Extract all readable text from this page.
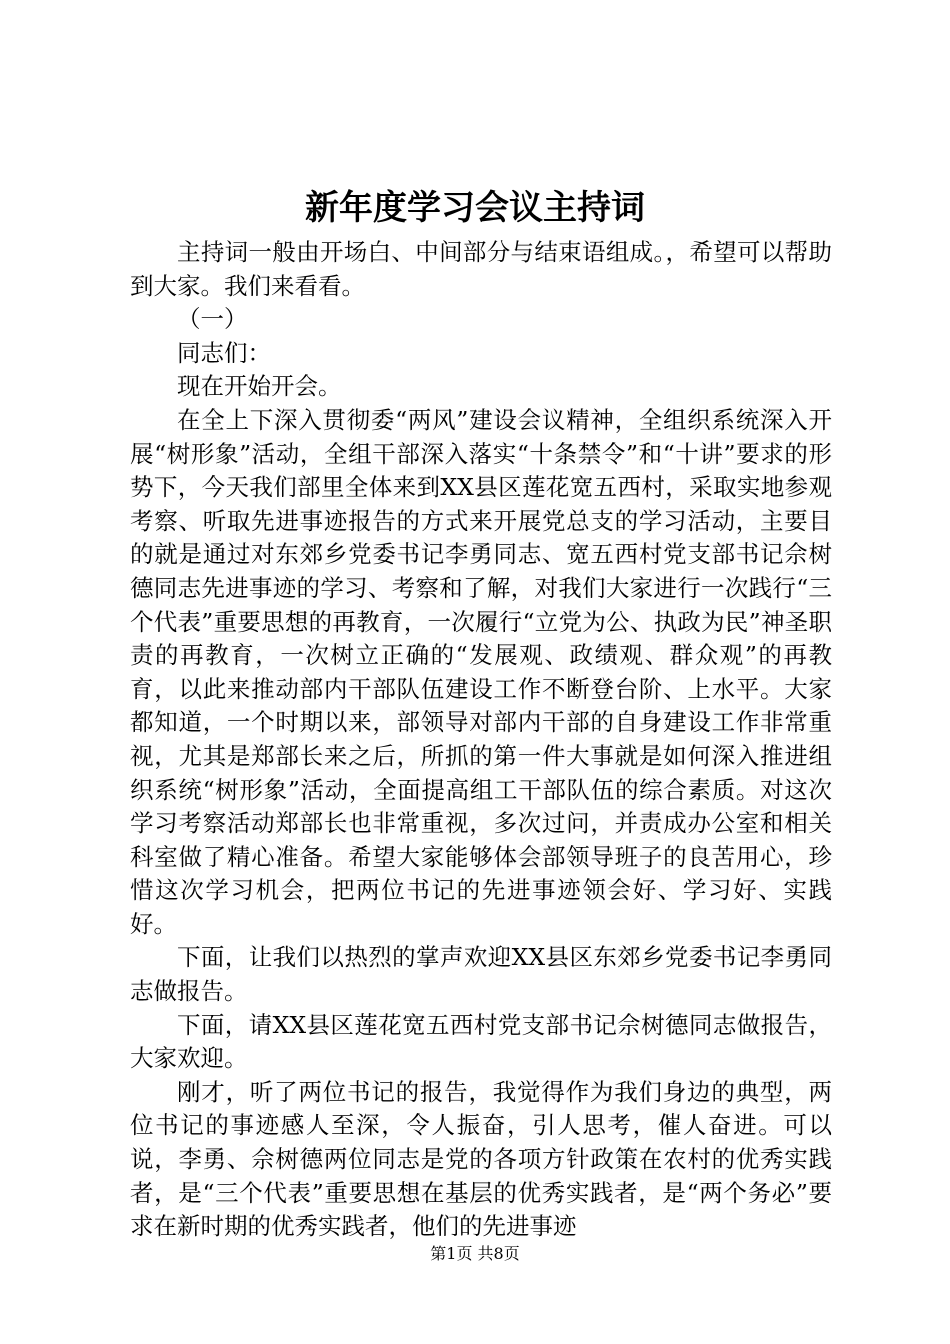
新年度学习会议主持词

主持词一般由开场白、中间部分与结束语组成。，希望可以帮助到大家。我们来看看。

（一）

同志们：

现在开始开会。

在全上下深入贯彻委“两风”建设会议精神，全组织系统深入开展“树形象”活动，全组干部深入落实“十条禁令”和“十讲”要求的形势下，今天我们部里全体来到XX县区莲花宽五西村，采取实地参观考察、听取先进事迹报告的方式来开展党总支的学习活动，主要目的就是通过对东郊乡党委书记李勇同志、宽五西村党支部书记佘树德同志先进事迹的学习、考察和了解，对我们大家进行一次践行“三个代表”重要思想的再教育，一次履行“立党为公、执政为民”神圣职责的再教育，一次树立正确的“发展观、政绩观、群众观”的再教育，以此来推动部内干部队伍建设工作不断登台阶、上水平。大家都知道，一个时期以来，部领导对部内干部的自身建设工作非常重视，尤其是郑部长来之后，所抓的第一件大事就是如何深入推进组织系统“树形象”活动，全面提高组工干部队伍的综合素质。对这次学习考察活动郑部长也非常重视，多次过问，并责成办公室和相关科室做了精心准备。希望大家能够体会部领导班子的良苦用心，珍惜这次学习机会，把两位书记的先进事迹领会好、学习好、实践好。

下面，让我们以热烈的掌声欢迎XX县区东郊乡党委书记李勇同志做报告。

下面，请XX县区莲花宽五西村党支部书记佘树德同志做报告，大家欢迎。

刚才，听了两位书记的报告，我觉得作为我们身边的典型，两位书记的事迹感人至深，令人振奋，引人思考，催人奋进。可以说，李勇、佘树德两位同志是党的各项方针政策在农村的优秀实践者，是“三个代表”重要思想在基层的优秀实践者，是“两个务必”要求在新时期的优秀实践者，他们的先进事迹

第1页 共8页
